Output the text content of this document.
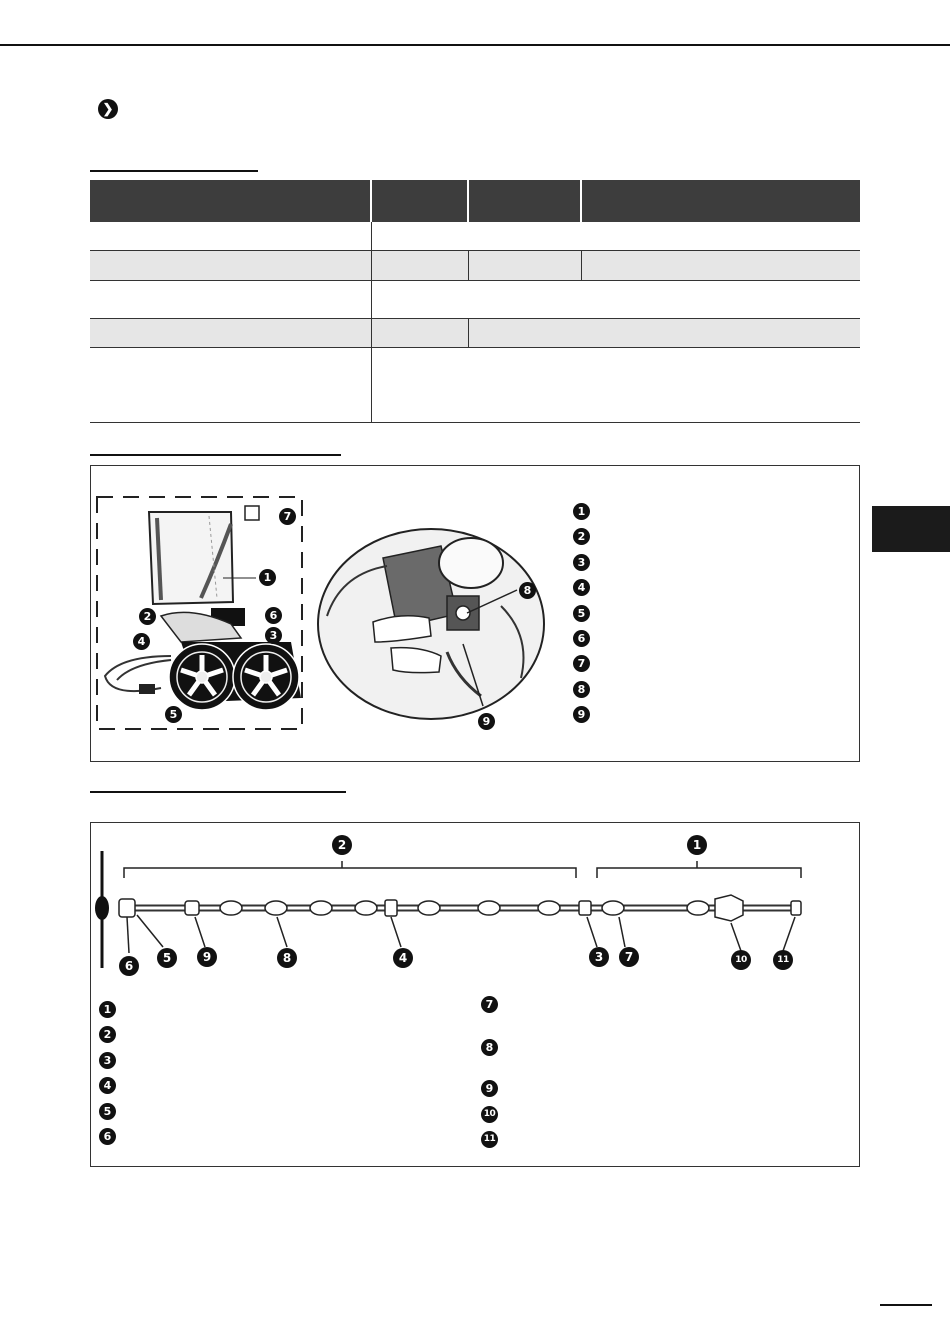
❯

1
2
3
4
5
6
7
8
9
1
2
3
4
5
6
7
8
9
2	1
6
5	9	8	4	3	7	10	11
1
2
3
4
5
6
7
8
9
10
11
